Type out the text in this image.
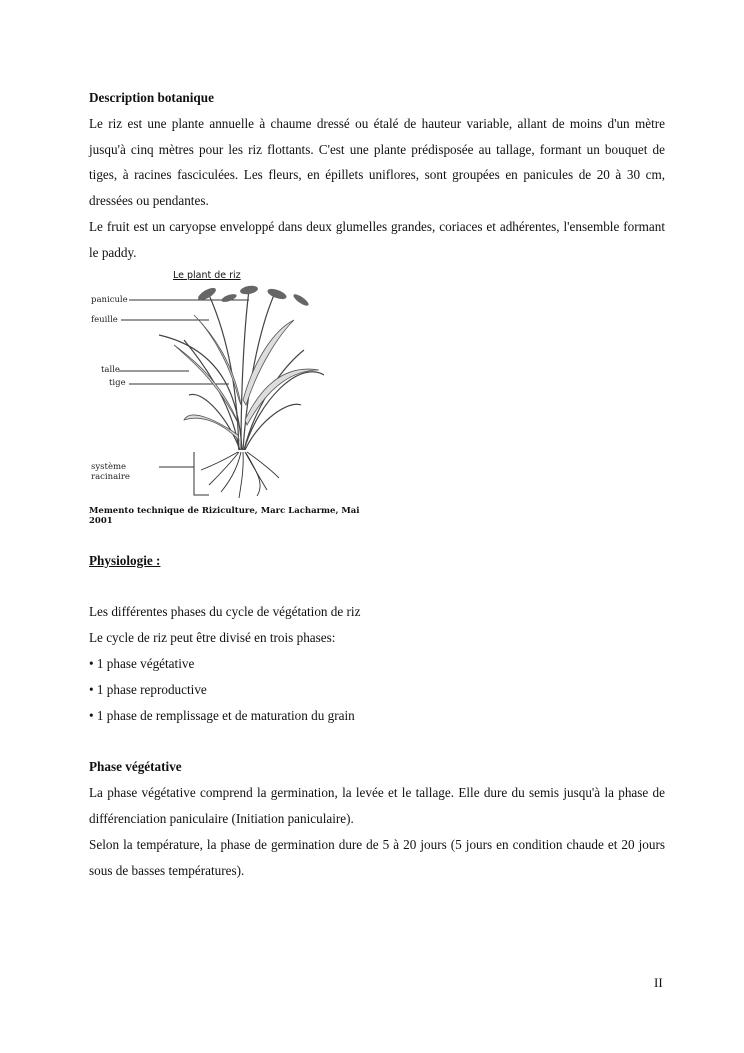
Description botanique

Le riz est une plante annuelle à chaume dressé ou étalé de hauteur variable, allant de moins d'un mètre jusqu'à cinq mètres pour les riz flottants. C'est une plante prédisposée au tallage, formant un bouquet de tiges, à racines fasciculées. Les fleurs, en épillets uniflores, sont groupées en panicules de 20 à 30 cm, dressées ou pendantes.

Le fruit est un caryopse enveloppé dans deux glumelles grandes, coriaces et adhérentes, l'ensemble formant le paddy.

Le plant de riz
panicule
feuille
talle
tige
système
racinaire
Memento technique de Riziculture, Marc Lacharme, Mai 2001

Physiologie :

Les différentes phases du cycle de végétation de riz

Le cycle de riz peut être divisé en trois phases:

• 1 phase végétative

• 1 phase reproductive

• 1 phase de remplissage et de maturation du grain

Phase végétative

La phase végétative comprend la germination, la levée et le tallage. Elle dure du semis jusqu'à la phase de différenciation paniculaire (Initiation paniculaire).

Selon la température, la phase de germination dure de 5 à 20 jours (5 jours en condition chaude et 20 jours sous de basses températures).

II
